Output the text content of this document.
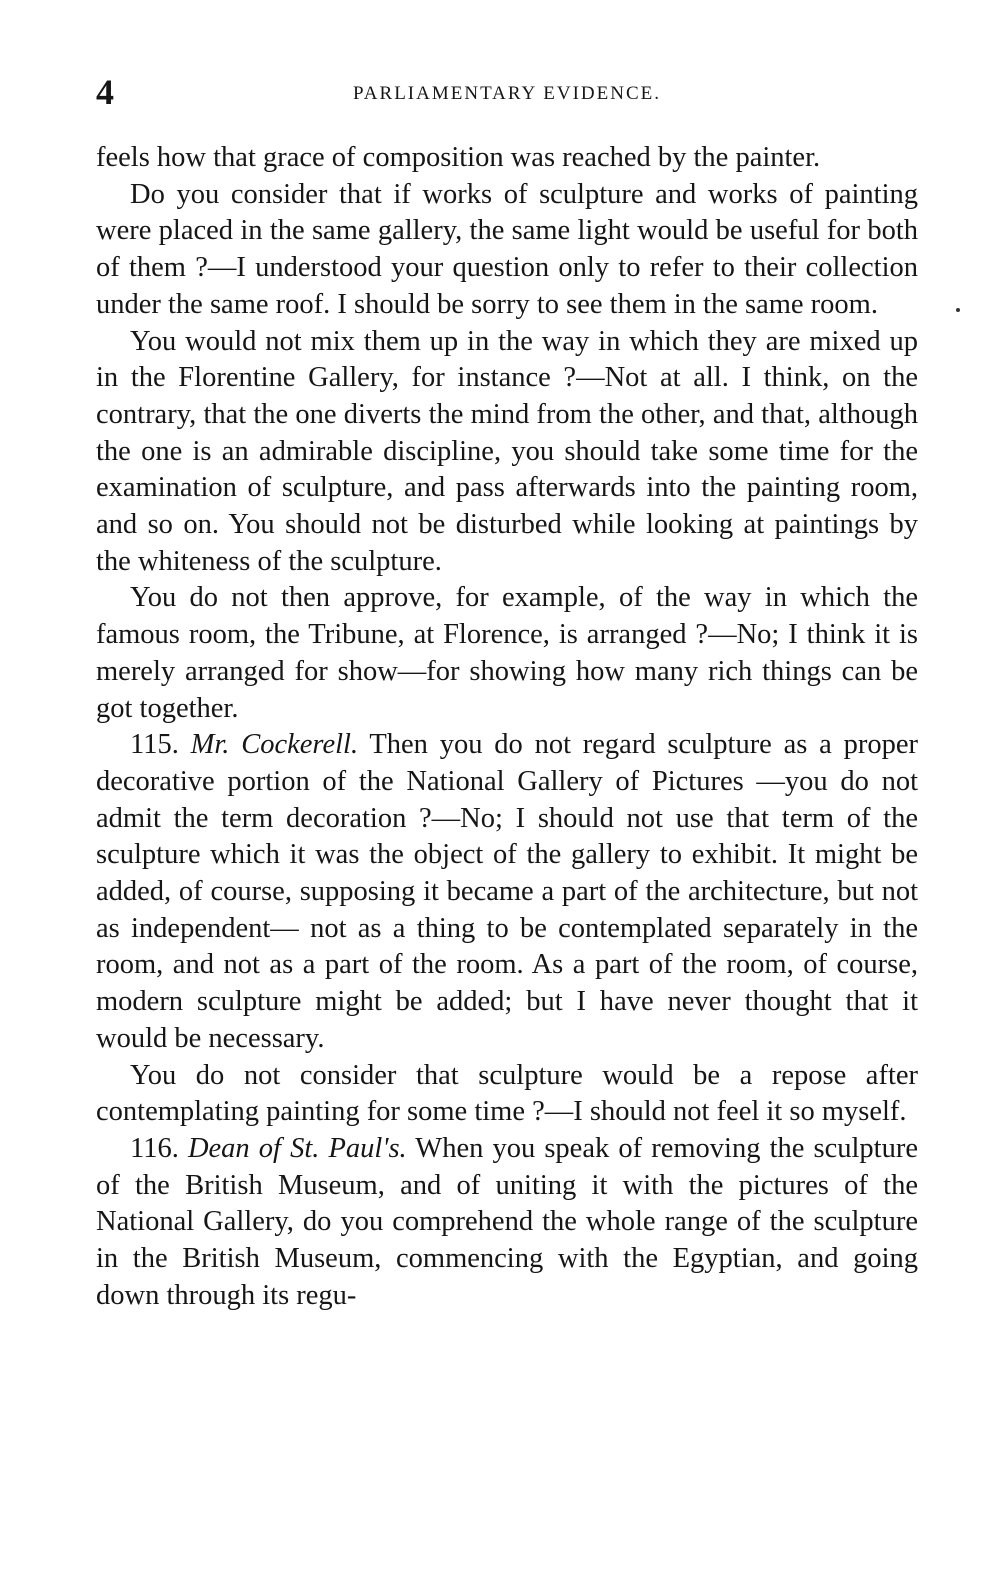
4	PARLIAMENTARY EVIDENCE.

feels how that grace of composition was reached by the painter.

Do you consider that if works of sculpture and works of painting were placed in the same gallery, the same light would be useful for both of them ?—I understood your question only to refer to their collection under the same roof. I should be sorry to see them in the same room.

You would not mix them up in the way in which they are mixed up in the Florentine Gallery, for instance ?—Not at all. I think, on the contrary, that the one diverts the mind from the other, and that, although the one is an admirable discipline, you should take some time for the examination of sculpture, and pass afterwards into the painting room, and so on. You should not be disturbed while looking at paintings by the whiteness of the sculpture.

You do not then approve, for example, of the way in which the famous room, the Tribune, at Florence, is arranged ?—No; I think it is merely arranged for show—for showing how many rich things can be got together.

115. Mr. Cockerell. Then you do not regard sculpture as a proper decorative portion of the National Gallery of Pictures —you do not admit the term decoration ?—No; I should not use that term of the sculpture which it was the object of the gallery to exhibit. It might be added, of course, supposing it became a part of the architecture, but not as independent— not as a thing to be contemplated separately in the room, and not as a part of the room. As a part of the room, of course, modern sculpture might be added; but I have never thought that it would be necessary.

You do not consider that sculpture would be a repose after contemplating painting for some time ?—I should not feel it so myself.

116. Dean of St. Paul's. When you speak of removing the sculpture of the British Museum, and of uniting it with the pictures of the National Gallery, do you comprehend the whole range of the sculpture in the British Museum, commencing with the Egyptian, and going down through its regu-
